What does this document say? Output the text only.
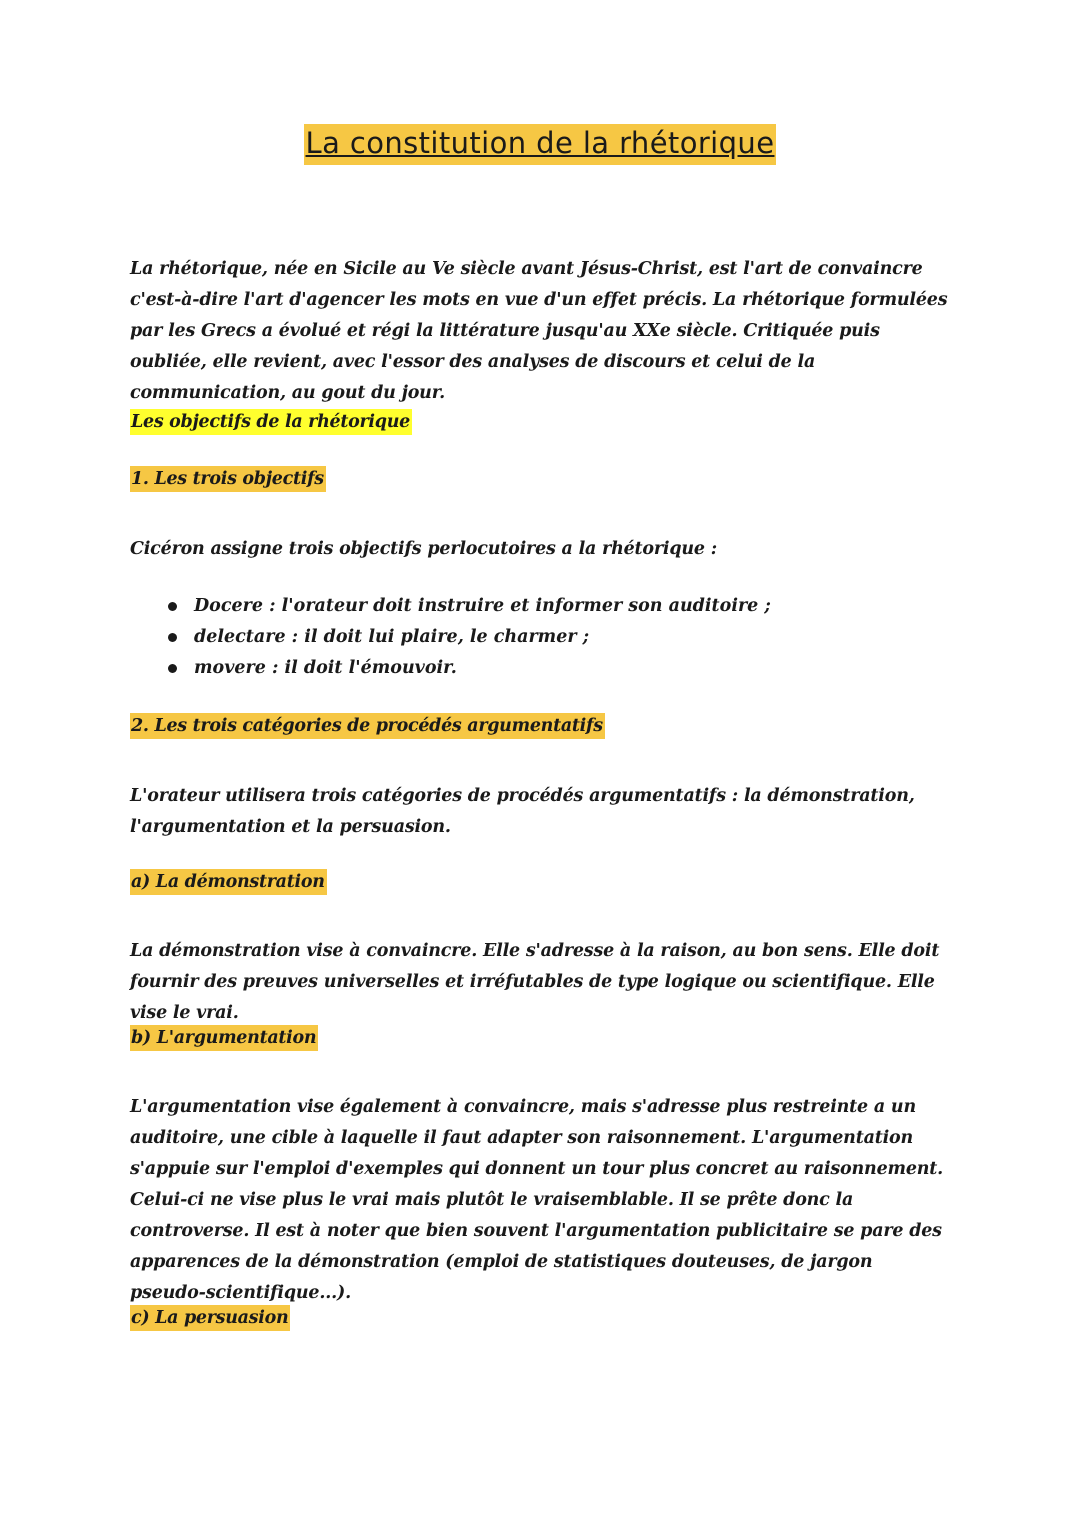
La constitution de la rhétorique
La rhétorique, née en Sicile au Ve siècle avant Jésus-Christ, est l'art de convaincre c'est-à-dire l'art d'agencer les mots en vue d'un effet précis. La rhétorique formulées par les Grecs a évolué et régi la littérature jusqu'au XXe siècle. Critiquée puis oubliée, elle revient, avec l'essor des analyses de discours et celui de la communication, au gout du jour.
Les objectifs de la rhétorique
1. Les trois objectifs
Cicéron assigne trois objectifs perlocutoires a la rhétorique :
Docere : l'orateur doit instruire et informer son auditoire ;
delectare : il doit lui plaire, le charmer ;
movere : il doit l'émouvoir.
2. Les trois catégories de procédés argumentatifs
L'orateur utilisera trois catégories de procédés argumentatifs : la démonstration, l'argumentation et la persuasion.
a) La démonstration
La démonstration vise à convaincre. Elle s'adresse à la raison, au bon sens. Elle doit fournir des preuves universelles et irréfutables de type logique ou scientifique. Elle vise le vrai.
b) L'argumentation
L'argumentation vise également à convaincre, mais s'adresse plus restreinte a un auditoire, une cible à laquelle il faut adapter son raisonnement. L'argumentation s'appuie sur l'emploi d'exemples qui donnent un tour plus concret au raisonnement. Celui-ci ne vise plus le vrai mais plutôt le vraisemblable. Il se prête donc la controverse. Il est à noter que bien souvent l'argumentation publicitaire se pare des apparences de la démonstration (emploi de statistiques douteuses, de jargon pseudo-scientifique...).
c) La persuasion
